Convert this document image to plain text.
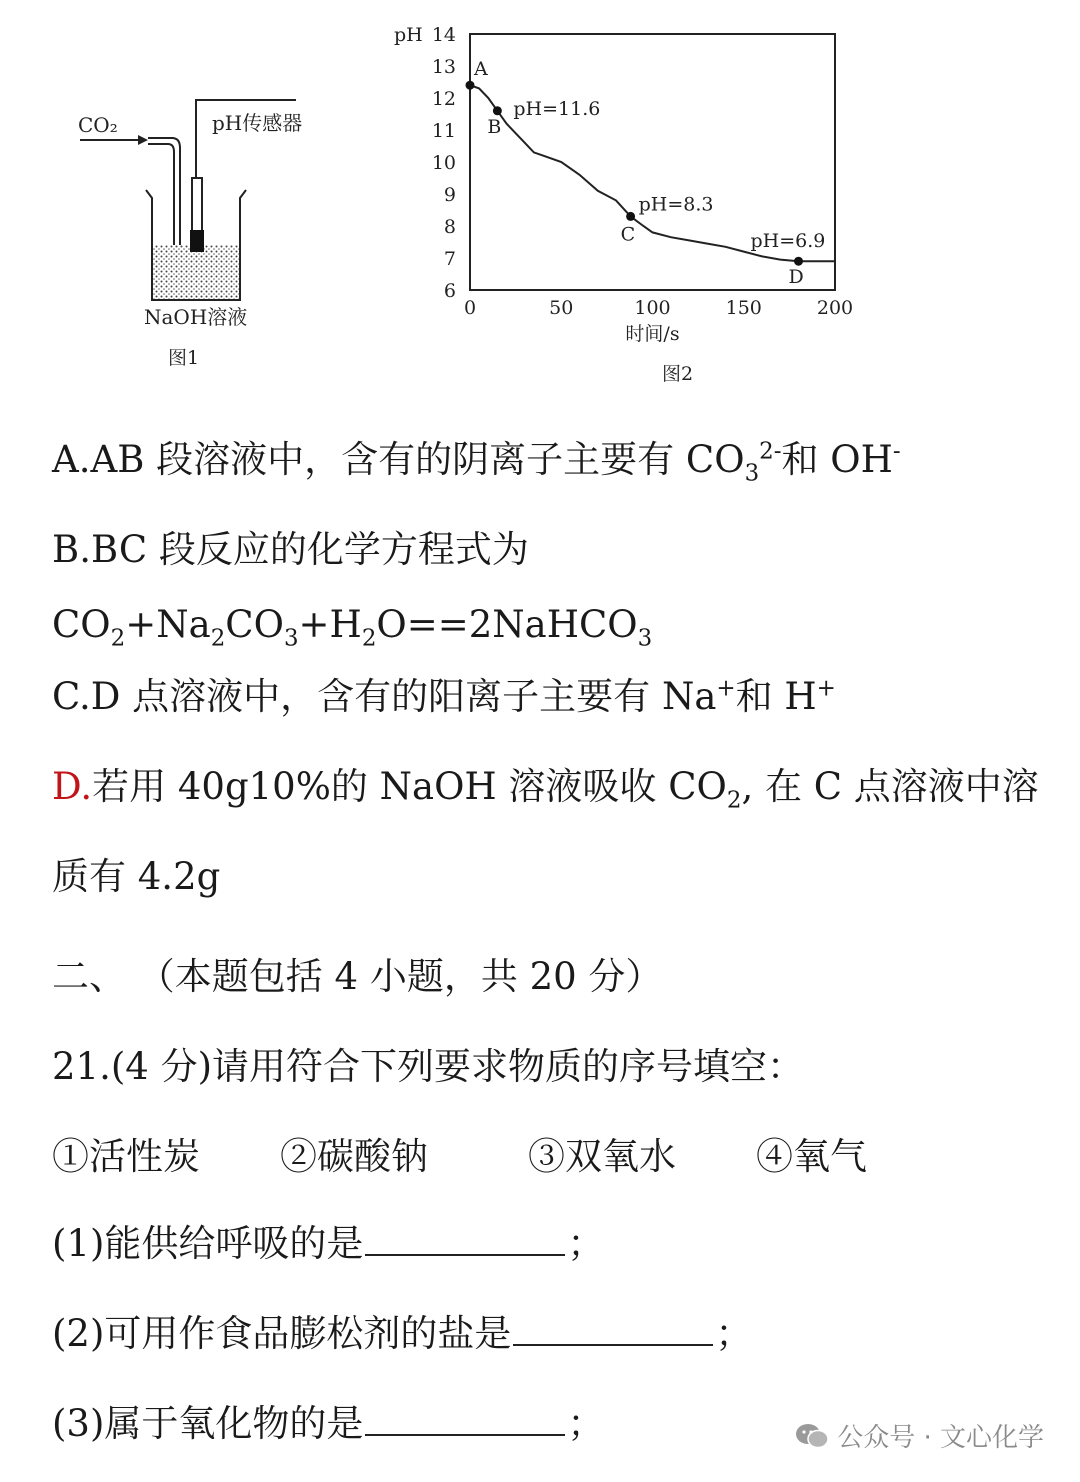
CO₂	pH传感器
NaOH溶液
图1
6
7
8
9
10
11
12
13
14
0	50	100	150	200
A
B
pH=11.6
C
pH=8.3
D
pH=6.9
pH
时间/s
图2
A.AB 段溶液中，含有的阴离子主要有 $CO_3^{2-}$和 OH-
B.BC 段反应的化学方程式为
$CO_2+Na_2CO_3+H_2O==2NaHCO_3$
C.D 点溶液中，含有的阳离子主要有 Na+和 H+
D.若用 40g10%的 NaOH 溶液吸收 $CO_2$, 在 C 点溶液中溶
质有 4.2g
二、 （本题包括 4 小题，共 20 分）
21.(4 分)请用符合下列要求物质的序号填空：
①活性炭 ②碳酸钠	③双氧水 ④氧气
(1)能供给呼吸的是	；
(2)可用作食品膨松剂的盐是	；
(3)属于氧化物的是	；	公众号 · 文心化学
